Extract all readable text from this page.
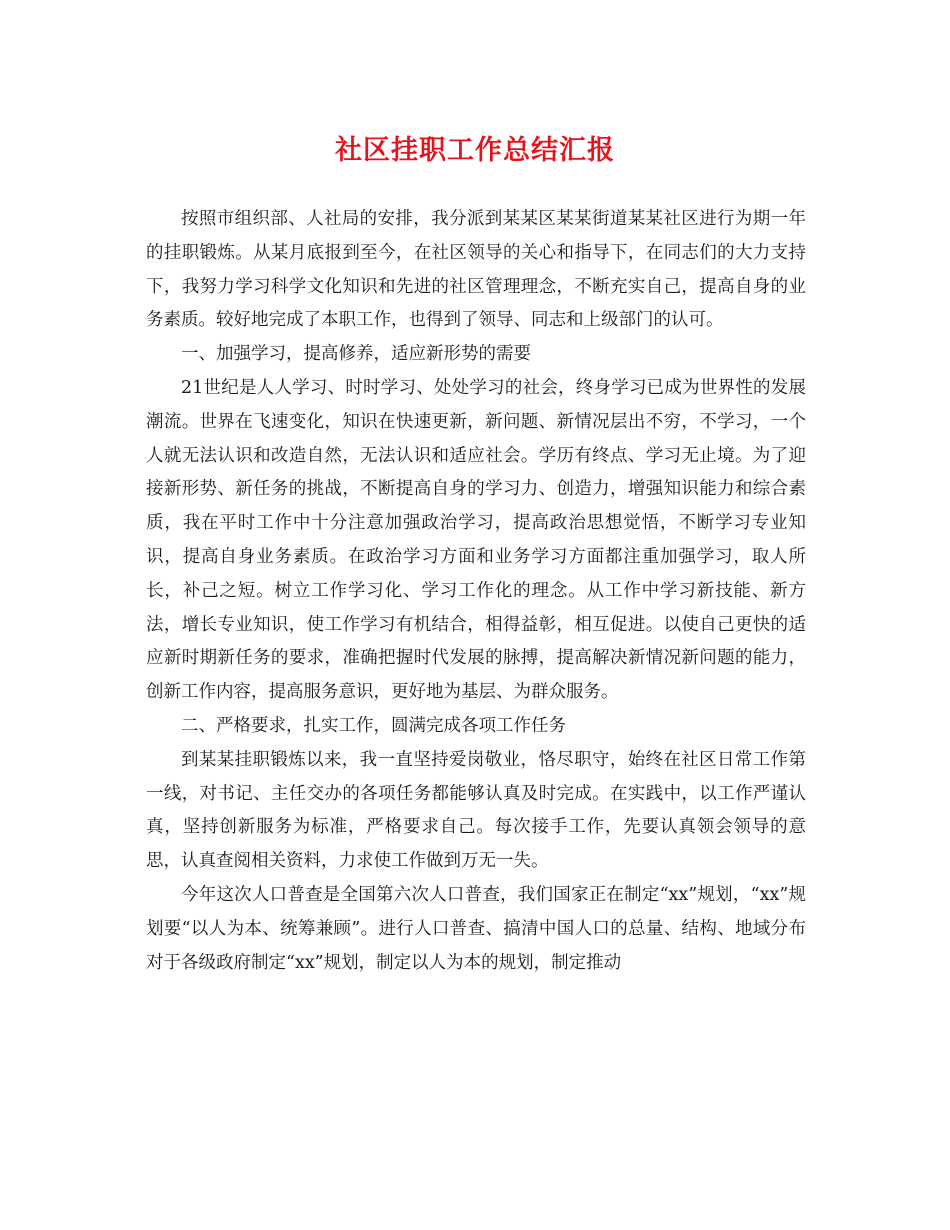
社区挂职工作总结汇报

按照市组织部、人社局的安排，我分派到某某区某某街道某某社区进行为期一年的挂职锻炼。从某月底报到至今，在社区领导的关心和指导下，在同志们的大力支持下，我努力学习科学文化知识和先进的社区管理理念，不断充实自己，提高自身的业务素质。较好地完成了本职工作，也得到了领导、同志和上级部门的认可。

一、加强学习，提高修养，适应新形势的需要

21世纪是人人学习、时时学习、处处学习的社会，终身学习已成为世界性的发展潮流。世界在飞速变化，知识在快速更新，新问题、新情况层出不穷，不学习，一个人就无法认识和改造自然，无法认识和适应社会。学历有终点、学习无止境。为了迎接新形势、新任务的挑战，不断提高自身的学习力、创造力，增强知识能力和综合素质，我在平时工作中十分注意加强政治学习，提高政治思想觉悟，不断学习专业知识，提高自身业务素质。在政治学习方面和业务学习方面都注重加强学习，取人所长，补己之短。树立工作学习化、学习工作化的理念。从工作中学习新技能、新方法，增长专业知识，使工作学习有机结合，相得益彰，相互促进。以使自己更快的适应新时期新任务的要求，准确把握时代发展的脉搏，提高解决新情况新问题的能力，创新工作内容，提高服务意识，更好地为基层、为群众服务。

二、严格要求，扎实工作，圆满完成各项工作任务

到某某挂职锻炼以来，我一直坚持爱岗敬业，恪尽职守，始终在社区日常工作第一线，对书记、主任交办的各项任务都能够认真及时完成。在实践中，以工作严谨认真，坚持创新服务为标准，严格要求自己。每次接手工作，先要认真领会领导的意思，认真查阅相关资料，力求使工作做到万无一失。

今年这次人口普查是全国第六次人口普查，我们国家正在制定“xx”规划，“xx”规划要“以人为本、统筹兼顾”。进行人口普查、搞清中国人口的总量、结构、地域分布对于各级政府制定“xx”规划，制定以人为本的规划，制定推动
